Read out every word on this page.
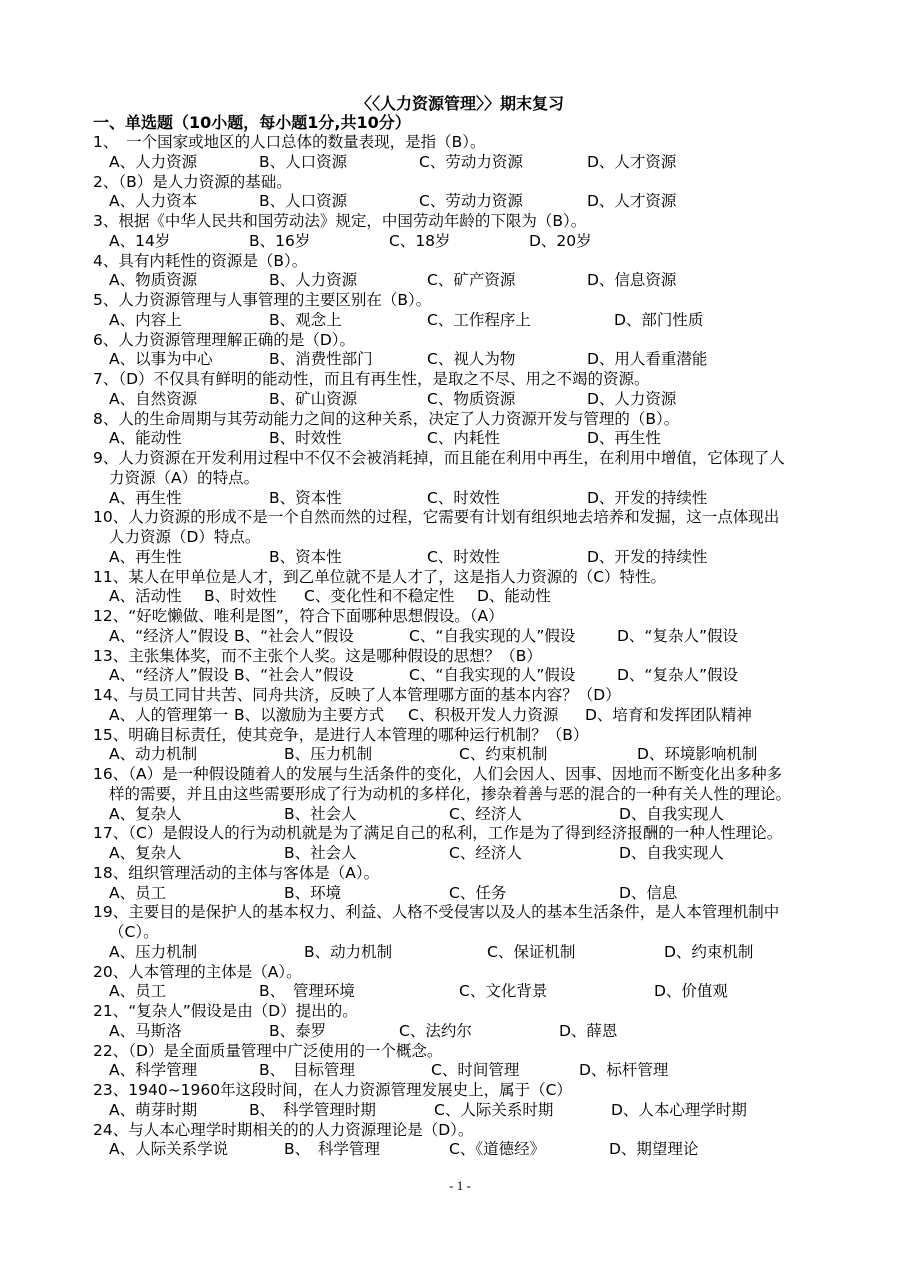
〈〈人力资源管理〉〉期末复习
一、单选题（10小题，每小题1分,共10分）
1、　一个国家或地区的人口总体的数量表现，是指（B）。
A、人力资源	B、人口资源	C、劳动力资源	D、人才资源
2、（B）是人力资源的基础。
A、人力资本	B、人口资源	C、劳动力资源	D、人才资源
3、根据《中华人民共和国劳动法》规定，中国劳动年龄的下限为（B）。
A、14岁	B、16岁	C、18岁	D、20岁
4、具有内耗性的资源是（B）。
A、物质资源	B、人力资源	C、矿产资源	D、信息资源
5、人力资源管理与人事管理的主要区别在（B）。
A、内容上	B、观念上	C、工作程序上	D、部门性质
6、人力资源管理理解正确的是（D）。
A、以事为中心	B、消费性部门	C、视人为物	D、用人看重潜能
7、（D）不仅具有鲜明的能动性，而且有再生性，是取之不尽、用之不竭的资源。
A、自然资源	B、矿山资源	C、物质资源	D、人力资源
8、人的生命周期与其劳动能力之间的这种关系，决定了人力资源开发与管理的（B）。
A、能动性	B、时效性	C、内耗性	D、再生性
9、人力资源在开发利用过程中不仅不会被消耗掉，而且能在利用中再生，在利用中增值，它体现了人
力资源（A）的特点。
A、再生性	B、资本性	C、时效性	D、开发的持续性
10、人力资源的形成不是一个自然而然的过程，它需要有计划有组织地去培养和发掘，这一点体现出
人力资源（D）特点。
A、再生性	B、资本性	C、时效性	D、开发的持续性
11、某人在甲单位是人才，到乙单位就不是人才了，这是指人力资源的（C）特性。
A、活动性	B、时效性	C、变化性和不稳定性	D、能动性
12、“好吃懒做、唯利是图”，符合下面哪种思想假设。（A）
A、“经济人”假设 B、“社会人”假设	C、“自我实现的人”假设	D、“复杂人”假设
13、主张集体奖，而不主张个人奖。这是哪种假设的思想？（B）
A、“经济人”假设 B、“社会人”假设	C、“自我实现的人”假设	D、“复杂人”假设
14、与员工同甘共苦、同舟共济，反映了人本管理哪方面的基本内容？（D）
A、人的管理第一 B、以激励为主要方式	C、积极开发人力资源	D、培育和发挥团队精神
15、明确目标责任，使其竞争，是进行人本管理的哪种运行机制？（B）
A、动力机制	B、压力机制	C、约束机制	D、环境影响机制
16、（A）是一种假设随着人的发展与生活条件的变化，人们会因人、因事、因地而不断变化出多种多
样的需要，并且由这些需要形成了行为动机的多样化，掺杂着善与恶的混合的一种有关人性的理论。
A、复杂人	B、社会人	C、经济人	D、自我实现人
17、（C）是假设人的行为动机就是为了满足自己的私利，工作是为了得到经济报酬的一种人性理论。
A、复杂人	B、社会人	C、经济人	D、自我实现人
18、组织管理活动的主体与客体是（A）。
A、员工	B、环境	C、任务	D、信息
19、主要目的是保护人的基本权力、利益、人格不受侵害以及人的基本生活条件，是人本管理机制中
（C）。
A、压力机制	B、动力机制	C、保证机制	D、约束机制
20、人本管理的主体是（A）。
A、员工	B、　管理环境	C、文化背景	D、价值观
21、“复杂人”假设是由（D）提出的。
A、马斯洛	B、泰罗	C、法约尔	D、薛恩
22、（D）是全面质量管理中广泛使用的一个概念。
A、科学管理	B、　目标管理	C、时间管理	D、标杆管理
23、1940~1960年这段时间，在人力资源管理发展史上，属于（C）
A、萌芽时期	B、　科学管理时期	C、人际关系时期	D、人本心理学时期
24、与人本心理学时期相关的的人力资源理论是（D）。
A、人际关系学说	B、　科学管理	C、《道德经》	D、期望理论
- 1 -
